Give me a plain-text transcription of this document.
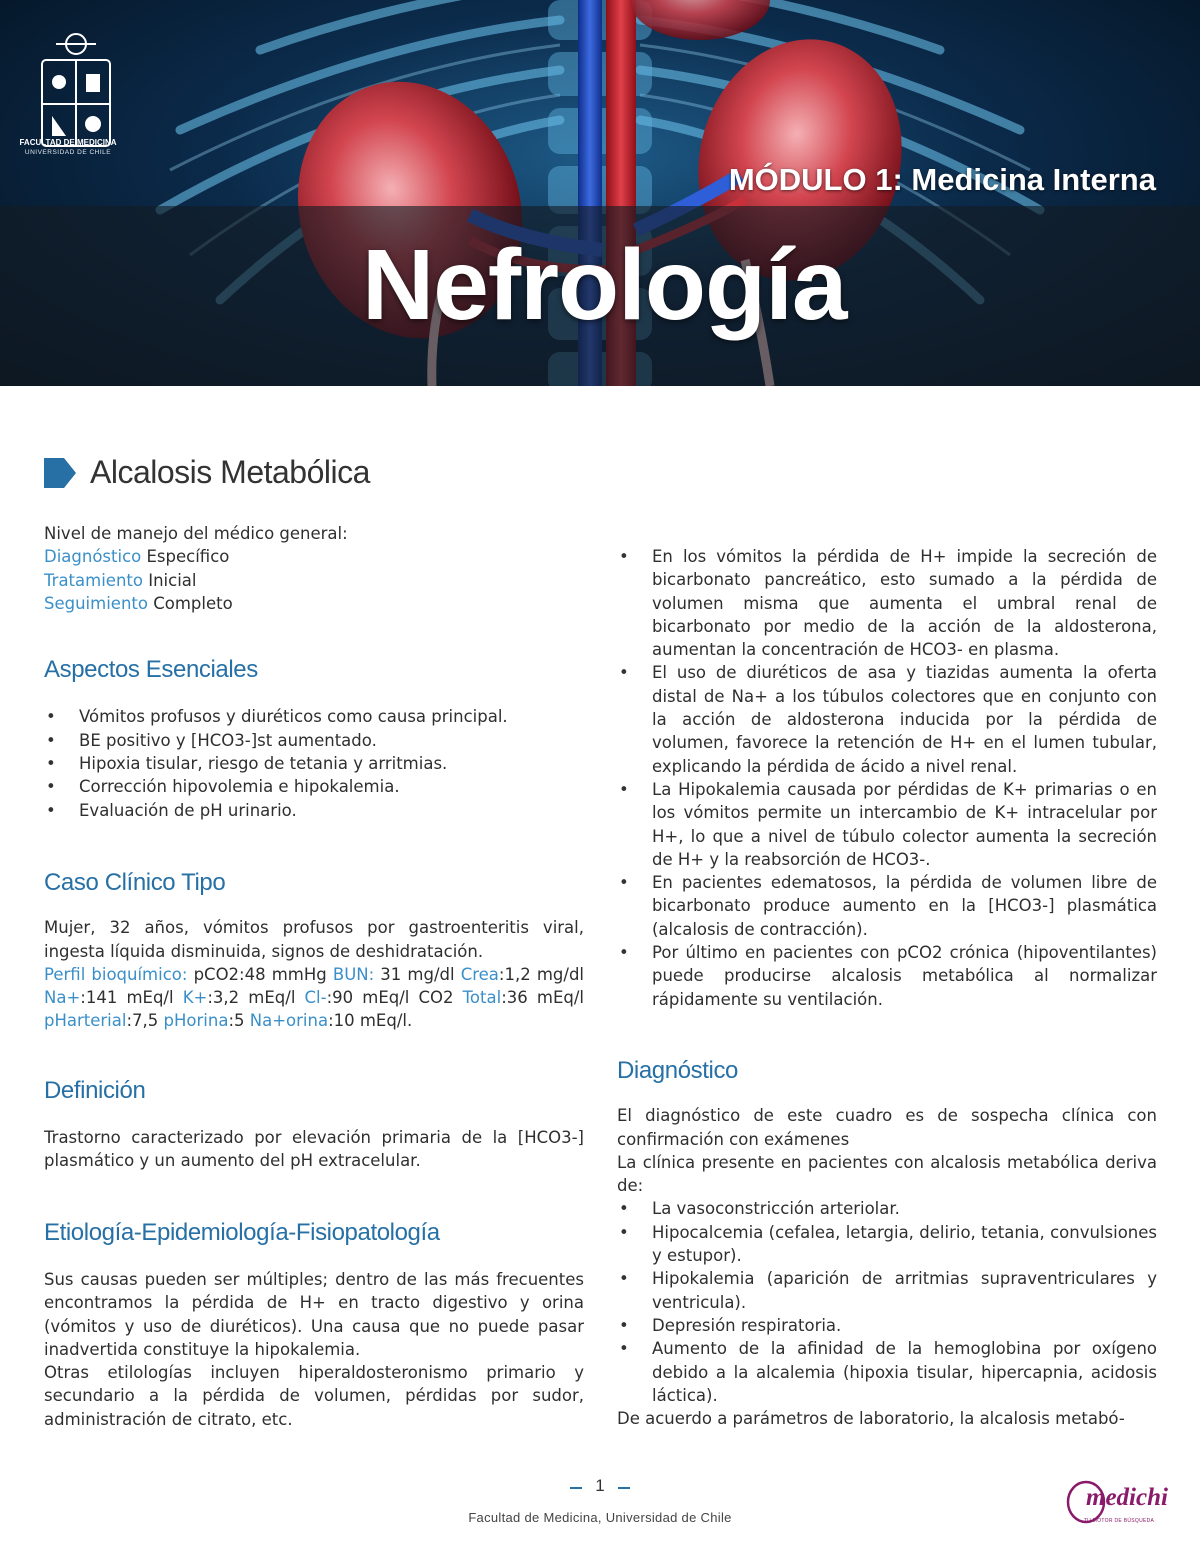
FACULTAD DE MEDICINA
UNIVERSIDAD DE CHILE
MÓDULO 1: Medicina Interna
Nefrología
Alcalosis Metabólica

Nivel de manejo del médico general:

Diagnóstico Específico

Tratamiento Inicial

Seguimiento Completo

Aspectos Esenciales
• Vómitos profusos y diuréticos como causa principal.
• BE positivo y [HCO3-]st aumentado.
• Hipoxia tisular, riesgo de tetania y arritmias.
• Corrección hipovolemia e hipokalemia.
• Evaluación de pH urinario.
Caso Clínico Tipo

Mujer, 32 años, vómitos profusos por gastroenteritis viral, ingesta líquida disminuida, signos de deshidratación.

Perfil bioquímico: pCO2:48 mmHg BUN: 31 mg/dl Crea:1,2 mg/dl Na+:141 mEq/l K+:3,2 mEq/l Cl-:90 mEq/l CO2 Total:36 mEq/l pHarterial:7,5 pHorina:5 Na+orina:10 mEq/l.

Definición

Trastorno caracterizado por elevación primaria de la [HCO3-] plasmático y un aumento del pH extracelular.

Etiología-Epidemiología-Fisiopatología

Sus causas pueden ser múltiples; dentro de las más frecuentes encontramos la pérdida de H+ en tracto digestivo y orina (vómitos y uso de diuréticos). Una causa que no puede pasar inadvertida constituye la hipokalemia.

Otras etilologías incluyen hiperaldosteronismo primario y secundario a la pérdida de volumen, pérdidas por sudor, administración de citrato, etc.

• En los vómitos la pérdida de H+ impide la secreción de bicarbonato pancreático, esto sumado a la pérdida de volumen misma que aumenta el umbral renal de bicarbonato por medio de la acción de la aldosterona, aumentan la concentración de HCO3- en plasma.
• El uso de diuréticos de asa y tiazidas aumenta la oferta distal de Na+ a los túbulos colectores que en conjunto con la acción de aldosterona inducida por la pérdida de volumen, favorece la retención de H+ en el lumen tubular, explicando la pérdida de ácido a nivel renal.
• La Hipokalemia causada por pérdidas de K+ primarias o en los vómitos permite un intercambio de K+ intracelular por H+, lo que a nivel de túbulo colector aumenta la secreción de H+ y la reabsorción de HCO3-.
• En pacientes edematosos, la pérdida de volumen libre de bicarbonato produce aumento en la [HCO3-] plasmática (alcalosis de contracción).
• Por último en pacientes con pCO2 crónica (hipoventilantes) puede producirse alcalosis metabólica al normalizar rápidamente su ventilación.
Diagnóstico

El diagnóstico de este cuadro es de sospecha clínica con confirmación con exámenes

La clínica presente en pacientes con alcalosis metabólica deriva de:

• La vasoconstricción arteriolar.
• Hipocalcemia (cefalea, letargia, delirio, tetania, convulsiones y estupor).
• Hipokalemia (aparición de arritmias supraventriculares y ventricula).
• Depresión respiratoria.
• Aumento de la afinidad de la hemoglobina por oxígeno debido a la alcalemia (hipoxia tisular, hipercapnia, acidosis láctica).

De acuerdo a parámetros de laboratorio, la alcalosis metabó-

1
Facultad de Medicina, Universidad de Chile
medichi
TU MOTOR DE BÚSQUEDA
